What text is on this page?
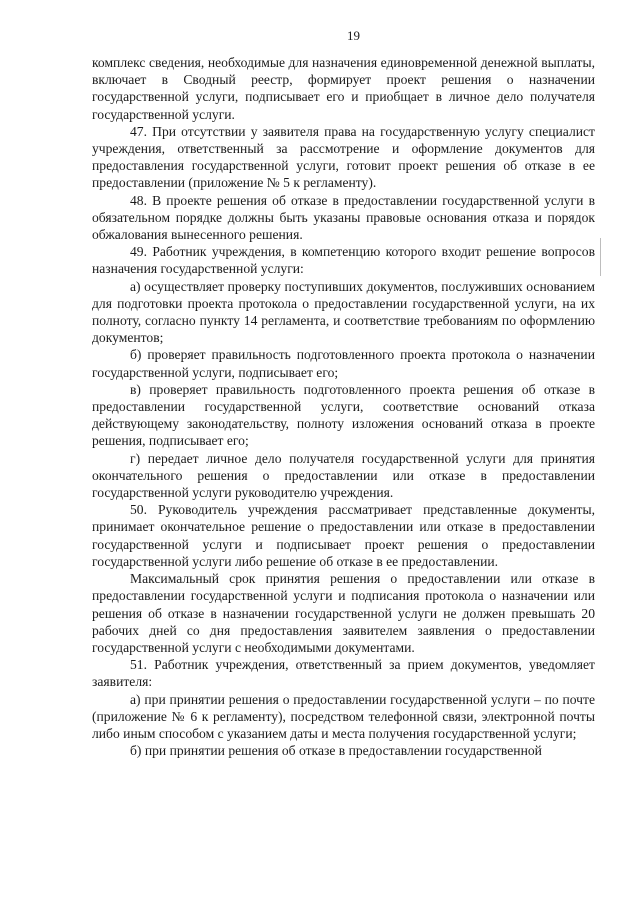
19

комплекс сведения, необходимые для назначения единовременной денежной выплаты, включает в Сводный реестр, формирует проект решения о назначении государственной услуги, подписывает его и приобщает в личное дело получателя государственной услуги.

47. При отсутствии у заявителя права на государственную услугу специалист учреждения, ответственный за рассмотрение и оформление документов для предоставления государственной услуги, готовит проект решения об отказе в ее предоставлении (приложение № 5 к регламенту).

48. В проекте решения об отказе в предоставлении государственной услуги в обязательном порядке должны быть указаны правовые основания отказа и порядок обжалования вынесенного решения.

49. Работник учреждения, в компетенцию которого входит решение вопросов назначения государственной услуги:

а) осуществляет проверку поступивших документов, послуживших основанием для подготовки проекта протокола о предоставлении государственной услуги, на их полноту, согласно пункту 14 регламента, и соответствие требованиям по оформлению документов;

б) проверяет правильность подготовленного проекта протокола о назначении государственной услуги, подписывает его;

в) проверяет правильность подготовленного проекта решения об отказе в предоставлении государственной услуги, соответствие оснований отказа действующему законодательству, полноту изложения оснований отказа в проекте решения, подписывает его;

г) передает личное дело получателя государственной услуги для принятия окончательного решения о предоставлении или отказе в предоставлении государственной услуги руководителю учреждения.

50. Руководитель учреждения рассматривает представленные документы, принимает окончательное решение о предоставлении или отказе в предоставлении государственной услуги и подписывает проект решения о предоставлении государственной услуги либо решение об отказе в ее предоставлении.

Максимальный срок принятия решения о предоставлении или отказе в предоставлении государственной услуги и подписания протокола о назначении или решения об отказе в назначении государственной услуги не должен превышать 20 рабочих дней со дня предоставления заявителем заявления о предоставлении государственной услуги с необходимыми документами.

51. Работник учреждения, ответственный за прием документов, уведомляет заявителя:

а) при принятии решения о предоставлении государственной услуги – по почте (приложение № 6 к регламенту), посредством телефонной связи, электронной почты либо иным способом с указанием даты и места получения государственной услуги;

б) при принятии решения об отказе в предоставлении государственной
